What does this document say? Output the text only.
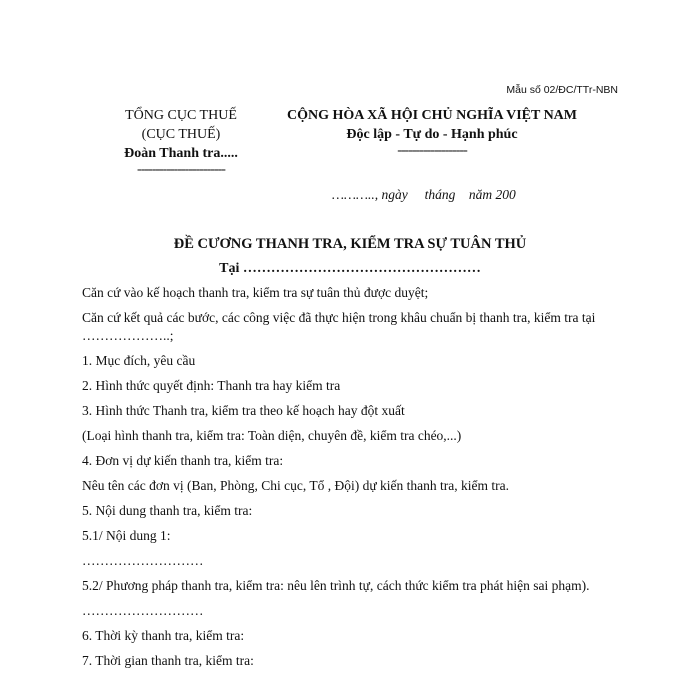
Mẫu số 02/ĐC/TTr-NBN
TỔNG CỤC THUẾ
(CỤC THUẾ)
Đoàn Thanh tra.....
------------------------
CỘNG HÒA XÃ HỘI CHỦ NGHĨA VIỆT NAM
Độc lập - Tự do - Hạnh phúc
-------------------
……….., ngày     tháng    năm 200
ĐỀ CƯƠNG THANH TRA, KIỂM TRA SỰ TUÂN THỦ
Tại ……………………………………………

Căn cứ vào kế hoạch thanh tra, kiểm tra sự tuân thủ được duyệt;

Căn cứ kết quả các bước, các công việc đã thực hiện trong khâu chuẩn bị thanh tra, kiểm tra tại ………………..;

1. Mục đích, yêu cầu

2. Hình thức quyết định: Thanh tra hay kiểm tra

3. Hình thức Thanh tra, kiểm tra theo kế hoạch hay đột xuất

(Loại hình thanh tra, kiểm tra: Toàn diện, chuyên đề, kiểm tra chéo,...)

4. Đơn vị dự kiến thanh tra, kiểm tra:

Nêu tên các đơn vị (Ban, Phòng, Chi cục, Tổ , Đội) dự kiến thanh tra, kiểm tra.

5. Nội dung thanh tra, kiểm tra:

5.1/ Nội dung 1:

………………………

5.2/ Phương pháp thanh tra, kiểm tra: nêu lên trình tự, cách thức kiểm tra phát hiện sai phạm).

………………………

6. Thời kỳ thanh tra, kiểm tra:

7. Thời gian thanh tra, kiểm tra:
